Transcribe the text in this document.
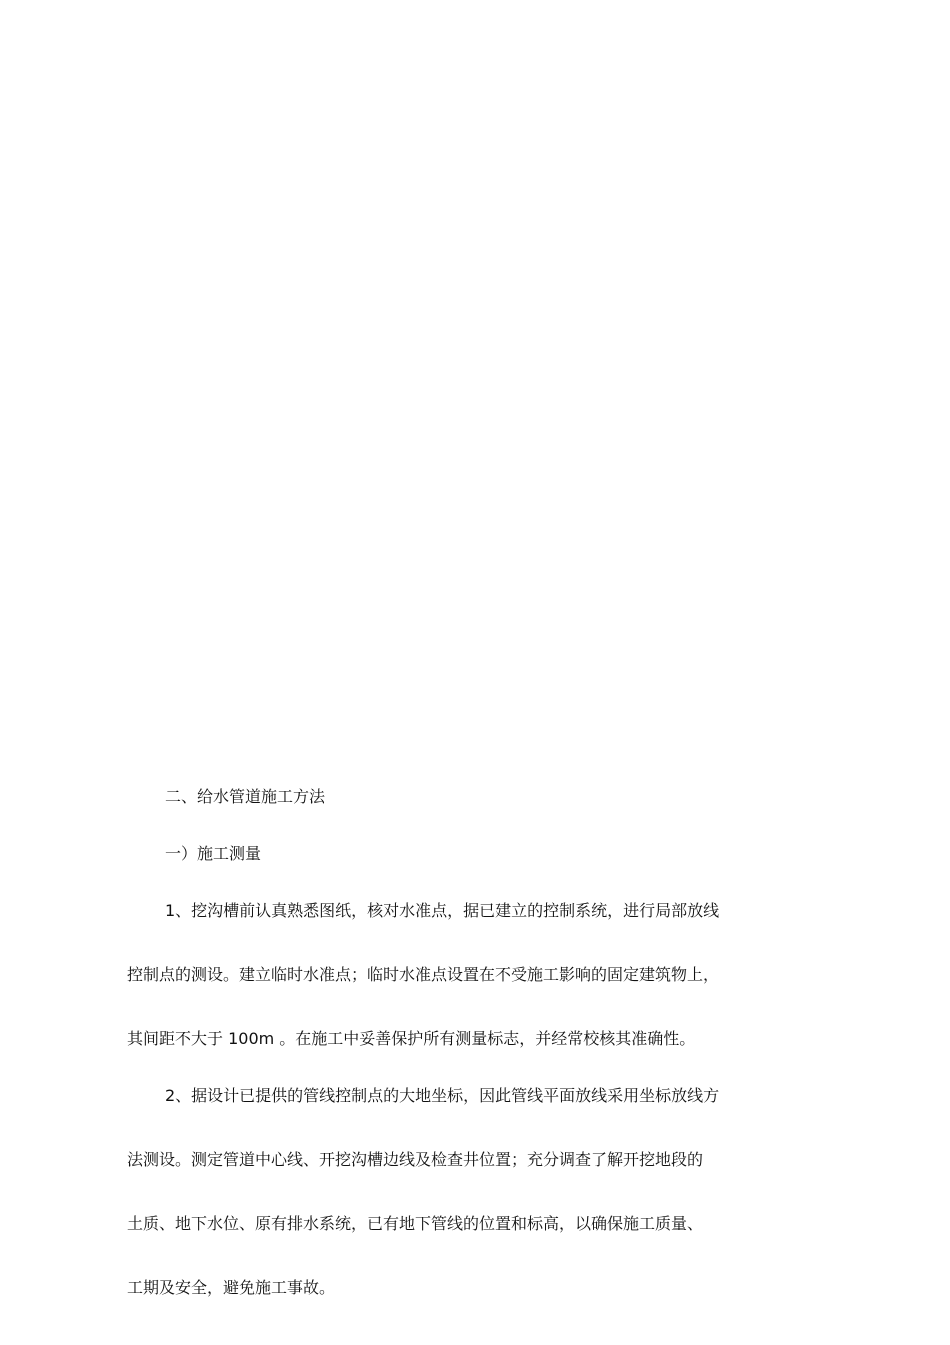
二、给水管道施工方法

一）施工测量

1、挖沟槽前认真熟悉图纸，核对水准点，据已建立的控制系统，进行局部放线

控制点的测设。建立临时水准点；临时水准点设置在不受施工影响的固定建筑物上，

其间距不大于 100m 。在施工中妥善保护所有测量标志，并经常校核其准确性。

2、据设计已提供的管线控制点的大地坐标，因此管线平面放线采用坐标放线方

法测设。测定管道中心线、开挖沟槽边线及检查井位置；充分调查了解开挖地段的

土质、地下水位、原有排水系统，已有地下管线的位置和标高，以确保施工质量、

工期及安全，避免施工事故。
